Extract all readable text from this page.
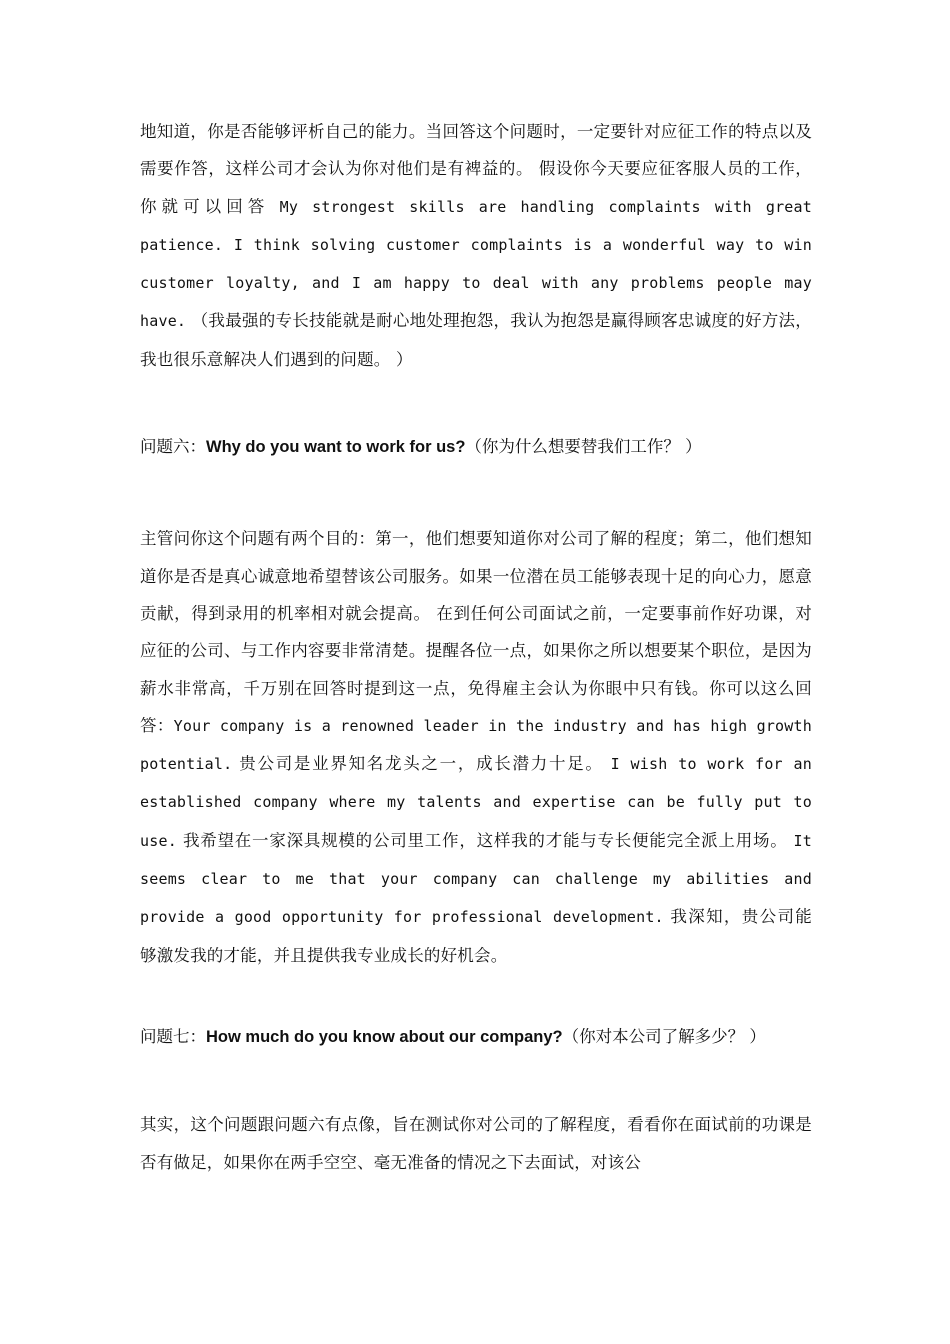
地知道，你是否能够评析自己的能力。当回答这个问题时，一定要针对应征工作的特点以及需要作答，这样公司才会认为你对他们是有裨益的。 假设你今天要应征客服人员的工作，你就可以回答 My strongest skills are handling complaints with great patience. I think solving customer complaints is a wonderful way to win customer loyalty, and I am happy to deal with any problems people may have. （我最强的专长技能就是耐心地处理抱怨，我认为抱怨是赢得顾客忠诚度的好方法，我也很乐意解决人们遇到的问题。 ）

问题六：Why do you want to work for us?（你为什么想要替我们工作？ ）

主管问你这个问题有两个目的：第一，他们想要知道你对公司了解的程度；第二，他们想知道你是否是真心诚意地希望替该公司服务。如果一位潜在员工能够表现十足的向心力，愿意贡献，得到录用的机率相对就会提高。 在到任何公司面试之前，一定要事前作好功课，对应征的公司、与工作内容要非常清楚。提醒各位一点，如果你之所以想要某个职位，是因为薪水非常高，千万别在回答时提到这一点，免得雇主会认为你眼中只有钱。你可以这么回答：Your company is a renowned leader in the industry and has high growth potential. 贵公司是业界知名龙头之一，成长潜力十足。 I wish to work for an established company where my talents and expertise can be fully put to use. 我希望在一家深具规模的公司里工作，这样我的才能与专长便能完全派上用场。 It seems clear to me that your company can challenge my abilities and provide a good opportunity for professional development. 我深知，贵公司能够激发我的才能，并且提供我专业成长的好机会。

问题七：How much do you know about our company?（你对本公司了解多少？ ）

其实，这个问题跟问题六有点像，旨在测试你对公司的了解程度，看看你在面试前的功课是否有做足，如果你在两手空空、毫无准备的情况之下去面试，对该公
